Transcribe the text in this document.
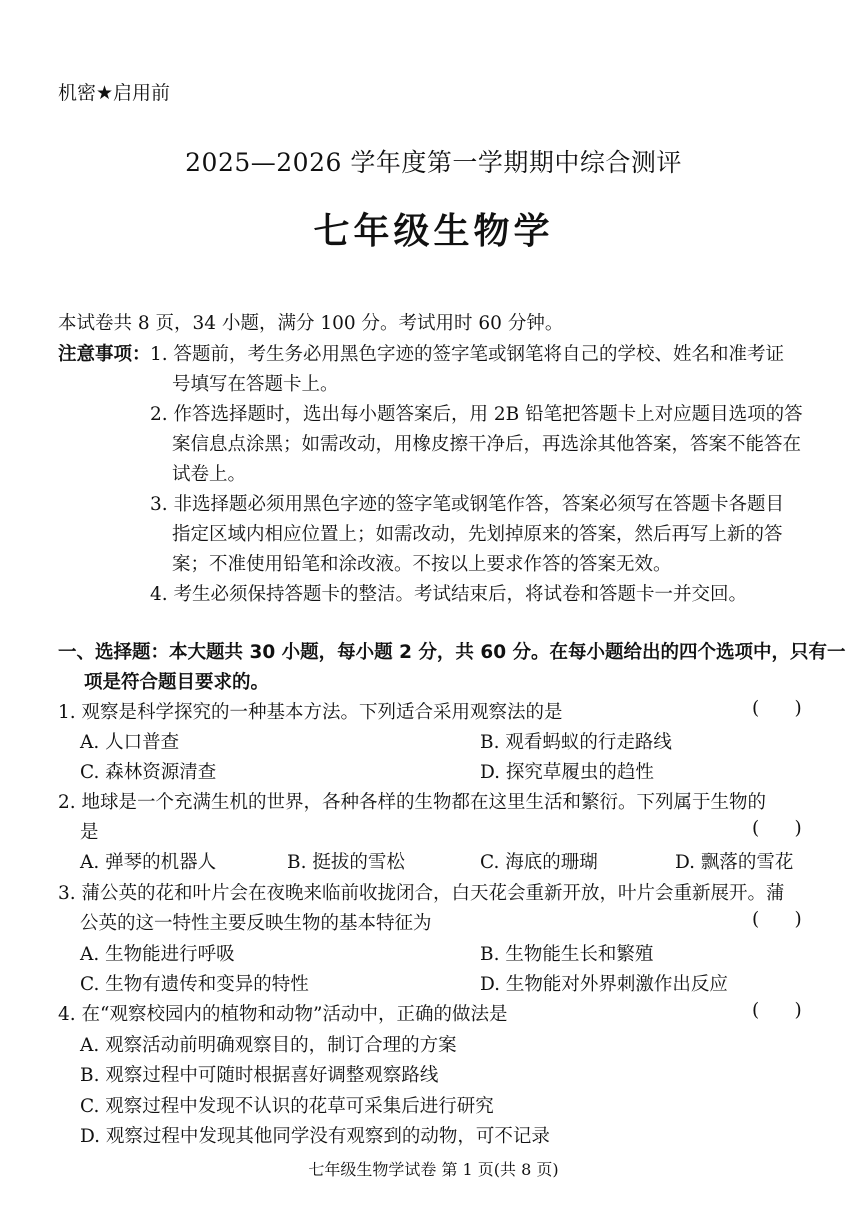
机密★启用前
2025—2026 学年度第一学期期中综合测评
七年级生物学
本试卷共 8 页，34 小题，满分 100 分。考试用时 60 分钟。
注意事项： 1. 答题前，考生务必用黑色字迹的签字笔或钢笔将自己的学校、姓名和准考证
号填写在答题卡上。
2. 作答选择题时，选出每小题答案后，用 2B 铅笔把答题卡上对应题目选项的答
案信息点涂黑；如需改动，用橡皮擦干净后，再选涂其他答案，答案不能答在
试卷上。
3. 非选择题必须用黑色字迹的签字笔或钢笔作答，答案必须写在答题卡各题目
指定区域内相应位置上；如需改动，先划掉原来的答案，然后再写上新的答
案；不准使用铅笔和涂改液。不按以上要求作答的答案无效。
4. 考生必须保持答题卡的整洁。考试结束后，将试卷和答题卡一并交回。
一、选择题：本大题共 30 小题，每小题 2 分，共 60 分。在每小题给出的四个选项中，只有一
项是符合题目要求的。
1. 观察是科学探究的一种基本方法。下列适合采用观察法的是	(      )
A. 人口普查	B. 观看蚂蚁的行走路线
C. 森林资源清查	D. 探究草履虫的趋性
2. 地球是一个充满生机的世界，各种各样的生物都在这里生活和繁衍。下列属于生物的
是	(      )
A. 弹琴的机器人	B. 挺拔的雪松	C. 海底的珊瑚	D. 飘落的雪花
3. 蒲公英的花和叶片会在夜晚来临前收拢闭合，白天花会重新开放，叶片会重新展开。蒲
公英的这一特性主要反映生物的基本特征为	(      )
A. 生物能进行呼吸	B. 生物能生长和繁殖
C. 生物有遗传和变异的特性	D. 生物能对外界刺激作出反应
4. 在“观察校园内的植物和动物”活动中，正确的做法是	(      )
A. 观察活动前明确观察目的，制订合理的方案
B. 观察过程中可随时根据喜好调整观察路线
C. 观察过程中发现不认识的花草可采集后进行研究
D. 观察过程中发现其他同学没有观察到的动物，可不记录
七年级生物学试卷 第 1 页(共 8 页)
